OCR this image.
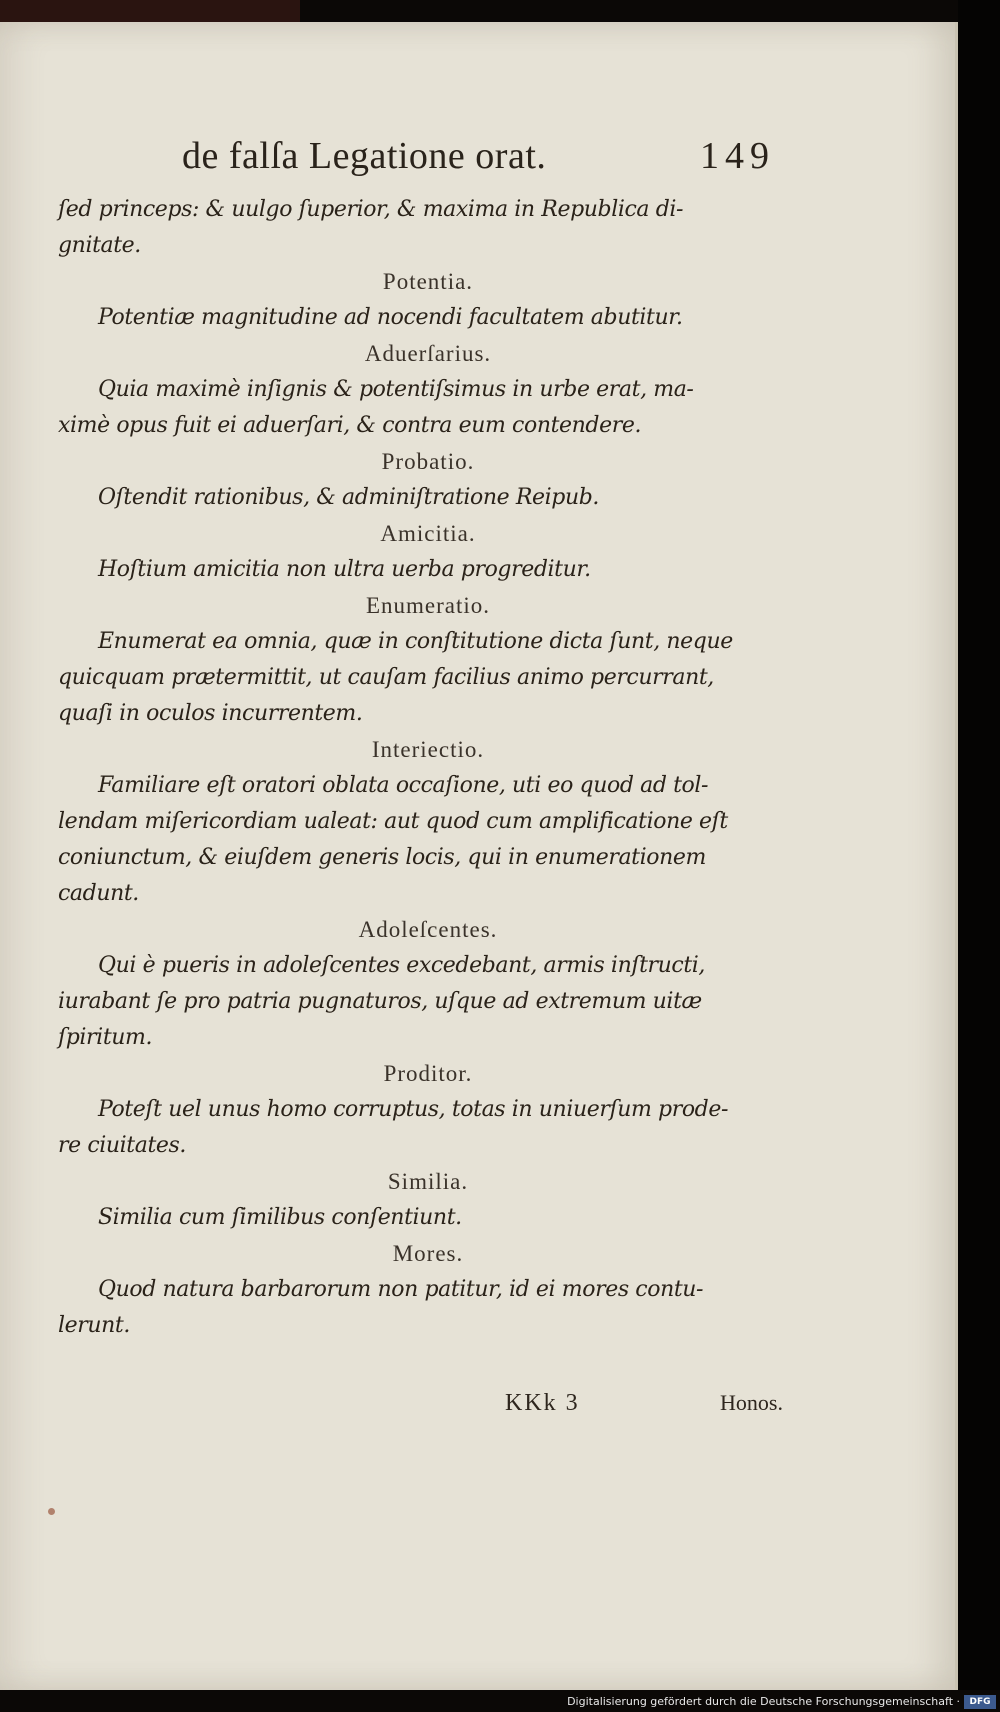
de falſa Legatione orat.	149
ſed princeps: & uulgo ſuperior, & maxima in Republica di-
gnitate.
Potentia.
Potentiæ magnitudine ad nocendi facultatem abutitur.
Aduerſarius.
Quia maximè inſignis & potentiſsimus in urbe erat, ma-
ximè opus fuit ei aduerſari, & contra eum contendere.
Probatio.
Oſtendit rationibus, & adminiſtratione Reipub.
Amicitia.
Hoſtium amicitia non ultra uerba progreditur.
Enumeratio.
Enumerat ea omnia, quæ in conſtitutione dicta ſunt, neque
quicquam prætermittit, ut cauſam facilius animo percurrant,
quaſi in oculos incurrentem.
Interiectio.
Familiare eſt oratori oblata occaſione, uti eo quod ad tol-
lendam miſericordiam ualeat: aut quod cum amplificatione eſt
coniunctum, & eiuſdem generis locis, qui in enumerationem
cadunt.
Adoleſcentes.
Qui è pueris in adoleſcentes excedebant, armis inſtructi,
iurabant ſe pro patria pugnaturos, uſque ad extremum uitæ
ſpiritum.
Proditor.
Poteſt uel unus homo corruptus, totas in uniuerſum prode-
re ciuitates.
Similia.
Similia cum ſimilibus conſentiunt.
Mores.
Quod natura barbarorum non patitur, id ei mores contu-
lerunt.
KKk 3	Honos.
Digitalisierung gefördert durch die Deutsche Forschungsgemeinschaft ·	DFG
